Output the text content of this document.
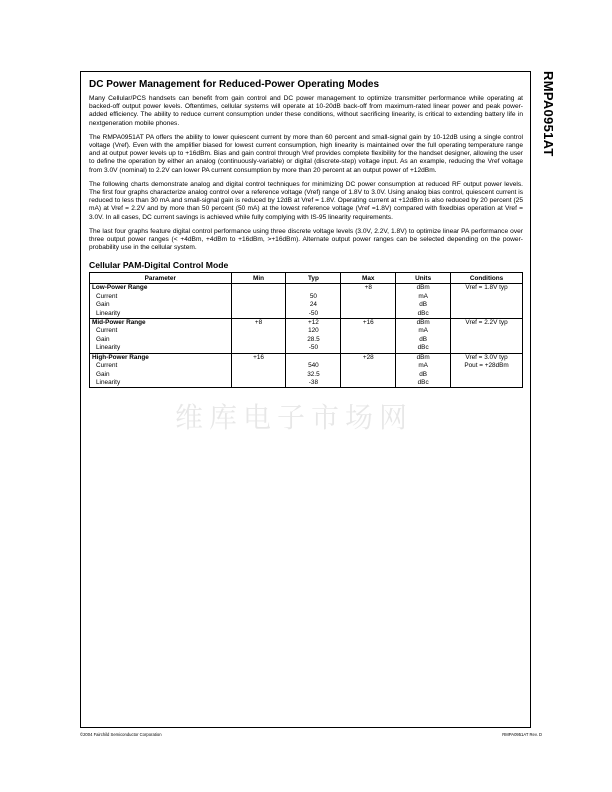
RMPA0951AT
DC Power Management for Reduced-Power Operating Modes

Many Cellular/PCS handsets can benefit from gain control and DC power management to optimize transmitter performance while operating at backed-off output power levels. Oftentimes, cellular systems will operate at 10-20dB back-off from maximum-rated linear power and peak power-added efficiency. The ability to reduce current consumption under these conditions, without sacrificing linearity, is critical to extending battery life in nextgeneration mobile phones.

The RMPA0951AT PA offers the ability to lower quiescent current by more than 60 percent and small-signal gain by 10-12dB using a single control voltage (Vref). Even with the amplifier biased for lowest current consumption, high linearity is maintained over the full operating temperature range and at output power levels up to +16dBm. Bias and gain control through Vref provides complete flexibility for the handset designer, allowing the user to define the operation by either an analog (continuously-variable) or digital (discrete-step) voltage input. As an example, reducing the Vref voltage from 3.0V (nominal) to 2.2V can lower PA current consumption by more than 20 percent at an output power of +12dBm.

The following charts demonstrate analog and digital control techniques for minimizing DC power consumption at reduced RF output power levels. The first four graphs characterize analog control over a reference voltage (Vref) range of 1.8V to 3.0V. Using analog bias control, quiescent current is reduced to less than 30 mA and small-signal gain is reduced by 12dB at Vref = 1.8V. Operating current at +12dBm is also reduced by 20 percent (25 mA) at Vref = 2.2V and by more than 50 percent (50 mA) at the lowest reference voltage (Vref =1.8V) compared with fixedbias operation at Vref = 3.0V. In all cases, DC current savings is achieved while fully complying with IS-95 linearity requirements.

The last four graphs feature digital control performance using three discrete voltage levels (3.0V, 2.2V, 1.8V) to optimize linear PA performance over three output power ranges (< +4dBm, +4dBm to +16dBm, >+16dBm). Alternate output power ranges can be selected depending on the power-probability use in the cellular system.

Cellular PAM-Digital Control Mode
Parameter	Min	Typ	Max	Units	Conditions
Low-Power Range			+8	dBm	Vref = 1.8V typ
Current		50		mA	
Gain		24		dB	
Linearity		-50		dBc	
Mid-Power Range	+8	+12	+16	dBm	Vref = 2.2V typ
Current		120		mA	
Gain		28.5		dB	
Linearity		-50		dBc	
High-Power Range	+16		+28	dBm	Vref = 3.0V typ
Current		540		mA	Pout = +28dBm
Gain		32.5		dB	
Linearity		-38		dBc	
维库电子市场网
©2004 Fairchild Semiconductor Corporation	RMPA0951AT Rev. D
